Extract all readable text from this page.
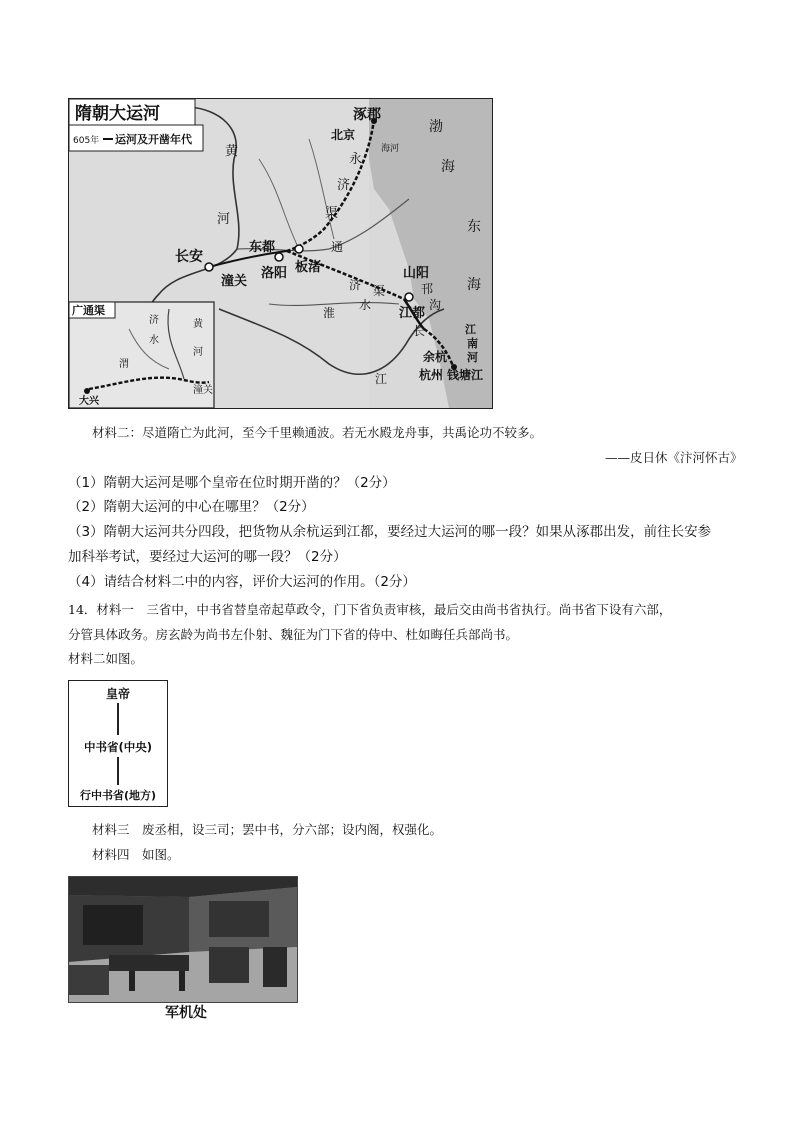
隋朝大运河
605年 运河及开凿年代
涿郡
北京	渤
海
海河
永
济
渠
黄
河
长安
东都
洛阳 板渚
潼关
通
济 渠
山阳
邗
沟
东
海
江都
淮
水
长
江
江
南
河
余杭
杭州 钱塘江
广通渠
济
水
黄
河
渭
潼关
大兴
材料二：尽道隋亡为此河，至今千里赖通波。若无水殿龙舟事，共禹论功不较多。
——皮日休《汴河怀古》
（1）隋朝大运河是哪个皇帝在位时期开凿的？（2分）
（2）隋朝大运河的中心在哪里？（2分）
（3）隋朝大运河共分四段，把货物从余杭运到江都，要经过大运河的哪一段？如果从涿郡出发，前往长安参
加科举考试，要经过大运河的哪一段？（2分）
（4）请结合材料二中的内容，评价大运河的作用。（2分）
14．材料一　三省中，中书省替皇帝起草政令，门下省负责审核，最后交由尚书省执行。尚书省下设有六部，
分管具体政务。房玄龄为尚书左仆射、魏征为门下省的侍中、杜如晦任兵部尚书。
材料二如图。
皇帝
中书省(中央)
行中书省(地方)
材料三　废丞相，设三司；罢中书，分六部；设内阁，权强化。
材料四　如图。
军机处
